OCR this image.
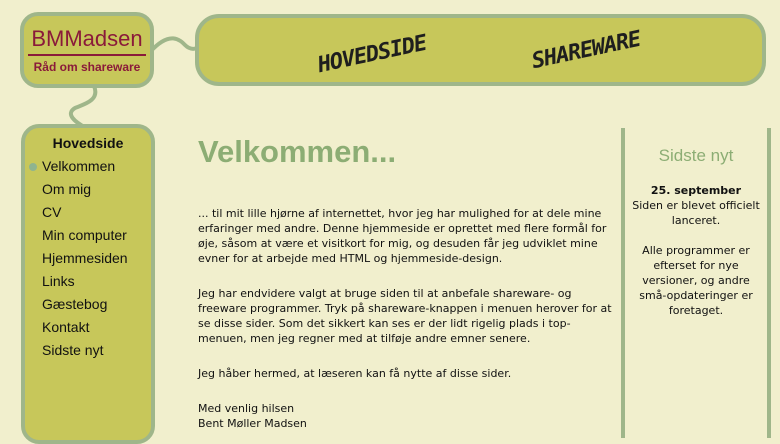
BMMadsen
Råd om shareware	HOVEDSIDE	SHAREWARE
Hovedside
Velkommen
Om mig
CV
Min computer
Hjemmesiden
Links
Gæstebog
Kontakt
Sidste nyt
Velkommen...

... til mit lille hjørne af internettet, hvor jeg har mulighed for at dele mine erfaringer med andre. Denne hjemmeside er oprettet med flere formål for øje, såsom at være et visitkort for mig, og desuden får jeg udviklet mine evner for at arbejde med HTML og hjemmeside-design.

Jeg har endvidere valgt at bruge siden til at anbefale shareware- og freeware programmer. Tryk på shareware-knappen i menuen herover for at se disse sider. Som det sikkert kan ses er der lidt rigelig plads i top-menuen, men jeg regner med at tilføje andre emner senere.

Jeg håber hermed, at læseren kan få nytte af disse sider.

Med venlig hilsen
Bent Møller Madsen
Sidste nyt

25. september
Siden er blevet officielt lanceret.

Alle programmer er efterset for nye versioner, og andre små-opdateringer er foretaget.
